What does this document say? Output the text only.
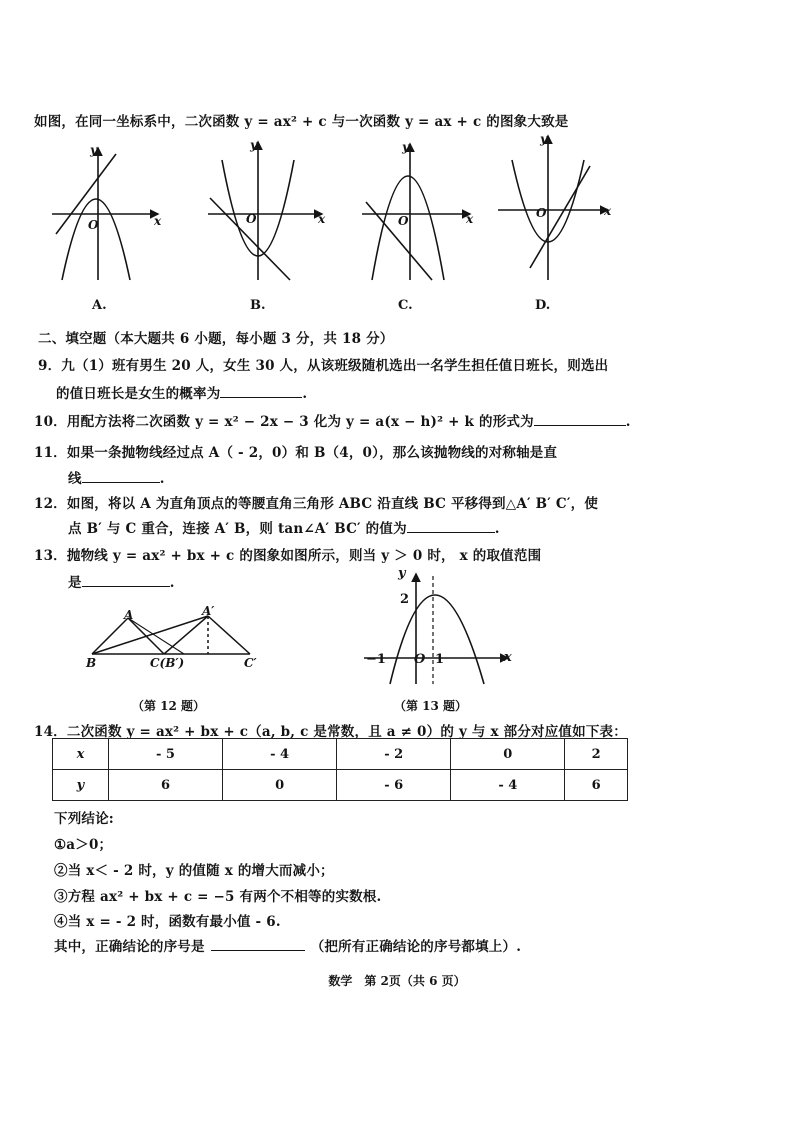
如图，在同一坐标系中，二次函数 y = ax² + c 与一次函数 y = ax + c 的图象大致是
y
x
O
y
x
O
y
x
O
y
x
O
A.	B.	C.	D.
二、填空题（本大题共 6 小题，每小题 3 分，共 18 分）
9．九（1）班有男生 20 人，女生 30 人，从该班级随机选出一名学生担任值日班长，则选出
的值日班长是女生的概率为	.
10．用配方法将二次函数 y = x² − 2x − 3 化为 y = a(x − h)² + k 的形式为	.
11．如果一条抛物线经过点 A（ - 2，0）和 B（4，0），那么该抛物线的对称轴是直
线	.
12．如图，将以 A 为直角顶点的等腰直角三角形 ABC 沿直线 BC 平移得到△A′ B′ C′，使
点 B′ 与 C 重合，连接 A′ B，则 tan∠A′ BC′ 的值为	.
13．抛物线 y = ax² + bx + c 的图象如图所示，则当 y ＞ 0 时， x 的取值范围
是	.
A	A′
B	C(B′)	C′
（第 12 题）
y
x
2
−1 O 1
（第 13 题）
14．二次函数 y = ax² + bx + c（a, b, c 是常数，且 a ≠ 0）的 y 与 x 部分对应值如下表：
x	- 5	- 4	- 2	0	2
y	6	0	- 6	- 4	6
下列结论:
①a＞0；
②当 x＜ - 2 时，y 的值随 x 的增大而减小；
③方程 ax² + bx + c = −5 有两个不相等的实数根.
④当 x = - 2 时，函数有最小值 - 6.
其中，正确结论的序号是	（把所有正确结论的序号都填上）.
数学　第 2页（共 6 页）
